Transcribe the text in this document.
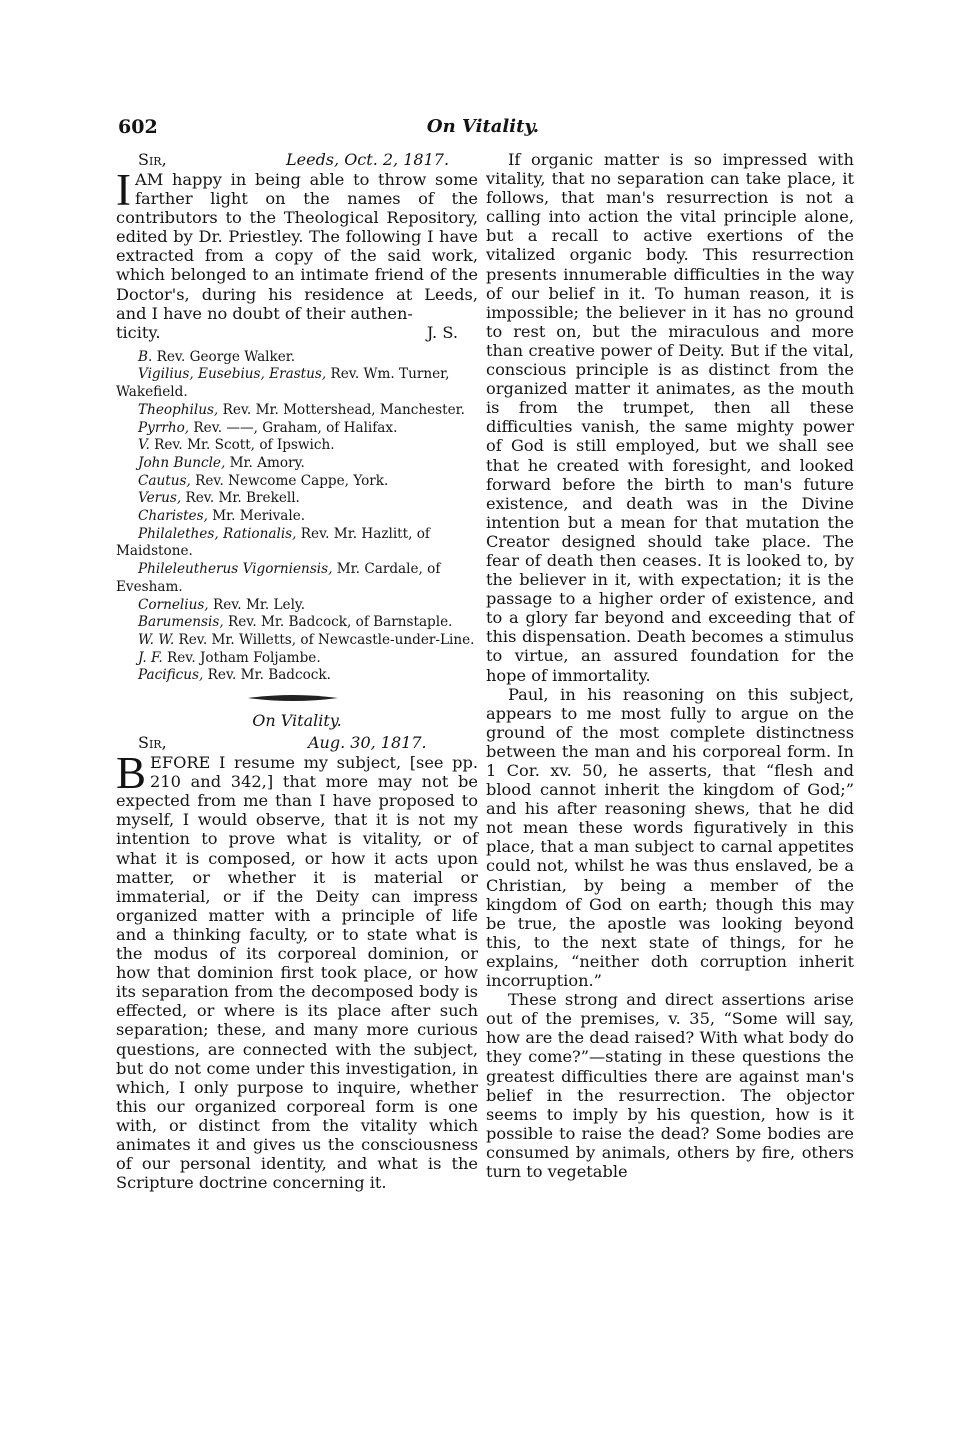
602	On Vitality.
Sir,	Leeds, Oct. 2, 1817.

IAM happy in being able to throw some farther light on the names of the contributors to the Theological Repository, edited by Dr. Priestley. The following I have extracted from a copy of the said work, which belonged to an intimate friend of the Doctor's, during his residence at Leeds, and I have no doubt of their authen-

ticity.	J. S.

B. Rev. George Walker.

Vigilius, Eusebius, Erastus, Rev. Wm. Turner, Wakefield.

Theophilus, Rev. Mr. Mottershead, Manchester.

Pyrrho, Rev. ——, Graham, of Halifax.

V. Rev. Mr. Scott, of Ipswich.

John Buncle, Mr. Amory.

Cautus, Rev. Newcome Cappe, York.

Verus, Rev. Mr. Brekell.

Charistes, Mr. Merivale.

Philalethes, Rationalis, Rev. Mr. Hazlitt, of Maidstone.

Phileleutherus Vigorniensis, Mr. Cardale, of Evesham.

Cornelius, Rev. Mr. Lely.

Barumensis, Rev. Mr. Badcock, of Barnstaple.

W. W. Rev. Mr. Willetts, of Newcastle-under-Line.

J. F. Rev. Jotham Foljambe.

Pacificus, Rev. Mr. Badcock.

On Vitality.
Sir,	Aug. 30, 1817.

BEFORE I resume my subject, [see pp. 210 and 342,] that more may not be expected from me than I have proposed to myself, I would observe, that it is not my intention to prove what is vitality, or of what it is composed, or how it acts upon matter, or whether it is material or immaterial, or if the Deity can impress organized matter with a principle of life and a thinking faculty, or to state what is the modus of its corporeal dominion, or how that dominion first took place, or how its separation from the decomposed body is effected, or where is its place after such separation; these, and many more curious questions, are connected with the subject, but do not come under this investigation, in which, I only purpose to inquire, whether this our organized corporeal form is one with, or distinct from the vitality which animates it and gives us the consciousness of our personal identity, and what is the Scripture doctrine concerning it.

If organic matter is so impressed with vitality, that no separation can take place, it follows, that man's resurrection is not a calling into action the vital principle alone, but a recall to active exertions of the vitalized organic body. This resurrection presents innumerable difficulties in the way of our belief in it. To human reason, it is impossible; the believer in it has no ground to rest on, but the miraculous and more than creative power of Deity. But if the vital, conscious principle is as distinct from the organized matter it animates, as the mouth is from the trumpet, then all these difficulties vanish, the same mighty power of God is still employed, but we shall see that he created with foresight, and looked forward before the birth to man's future existence, and death was in the Divine intention but a mean for that mutation the Creator designed should take place. The fear of death then ceases. It is looked to, by the believer in it, with expectation; it is the passage to a higher order of existence, and to a glory far beyond and exceeding that of this dispensation. Death becomes a stimulus to virtue, an assured foundation for the hope of immortality.

Paul, in his reasoning on this subject, appears to me most fully to argue on the ground of the most complete distinctness between the man and his corporeal form. In 1 Cor. xv. 50, he asserts, that “flesh and blood cannot inherit the kingdom of God;” and his after reasoning shews, that he did not mean these words figuratively in this place, that a man subject to carnal appetites could not, whilst he was thus enslaved, be a Christian, by being a member of the kingdom of God on earth; though this may be true, the apostle was looking beyond this, to the next state of things, for he explains, “neither doth corruption inherit incorruption.”

These strong and direct assertions arise out of the premises, v. 35, “Some will say, how are the dead raised? With what body do they come?”—stating in these questions the greatest difficulties there are against man's belief in the resurrection. The objector seems to imply by his question, how is it possible to raise the dead? Some bodies are consumed by animals, others by fire, others turn to vegetable
